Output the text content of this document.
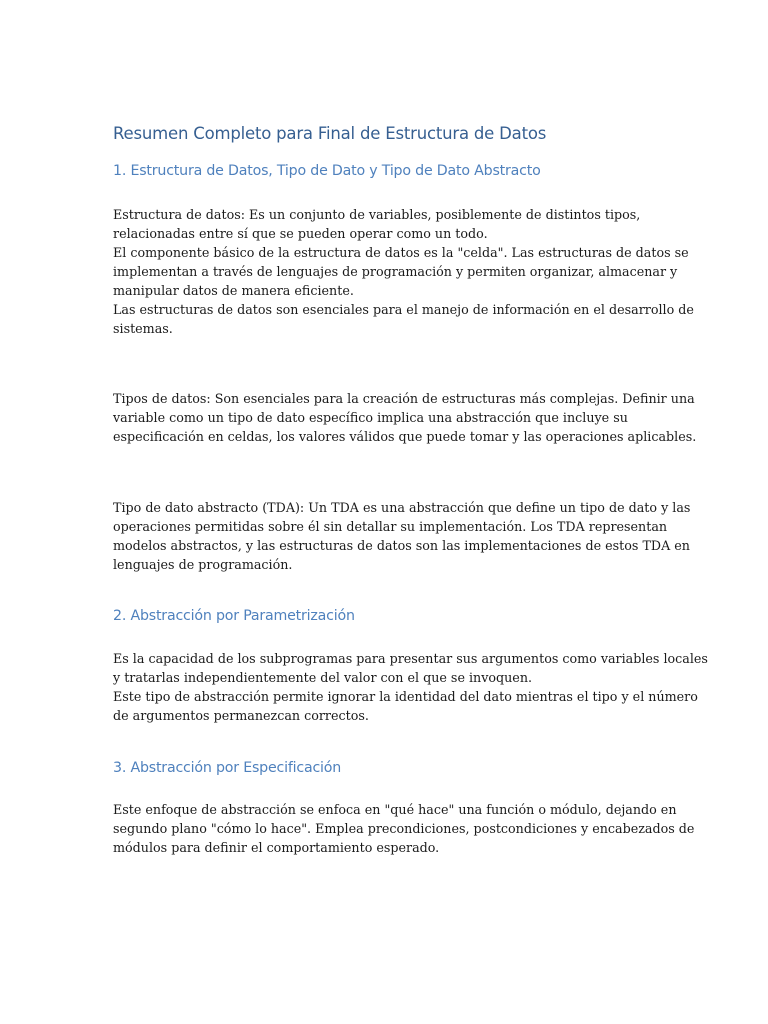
Resumen Completo para Final de Estructura de Datos
1. Estructura de Datos, Tipo de Dato y Tipo de Dato Abstracto
Estructura de datos: Es un conjunto de variables, posiblemente de distintos tipos,
relacionadas entre sí que se pueden operar como un todo.
El componente básico de la estructura de datos es la "celda". Las estructuras de datos se
implementan a través de lenguajes de programación y permiten organizar, almacenar y
manipular datos de manera eficiente.
Las estructuras de datos son esenciales para el manejo de información en el desarrollo de
sistemas.
Tipos de datos: Son esenciales para la creación de estructuras más complejas. Definir una
variable como un tipo de dato específico implica una abstracción que incluye su
especificación en celdas, los valores válidos que puede tomar y las operaciones aplicables.
Tipo de dato abstracto (TDA): Un TDA es una abstracción que define un tipo de dato y las
operaciones permitidas sobre él sin detallar su implementación. Los TDA representan
modelos abstractos, y las estructuras de datos son las implementaciones de estos TDA en
lenguajes de programación.
2. Abstracción por Parametrización
Es la capacidad de los subprogramas para presentar sus argumentos como variables locales
y tratarlas independientemente del valor con el que se invoquen.
Este tipo de abstracción permite ignorar la identidad del dato mientras el tipo y el número
de argumentos permanezcan correctos.
3. Abstracción por Especificación
Este enfoque de abstracción se enfoca en "qué hace" una función o módulo, dejando en
segundo plano "cómo lo hace". Emplea precondiciones, postcondiciones y encabezados de
módulos para definir el comportamiento esperado.
